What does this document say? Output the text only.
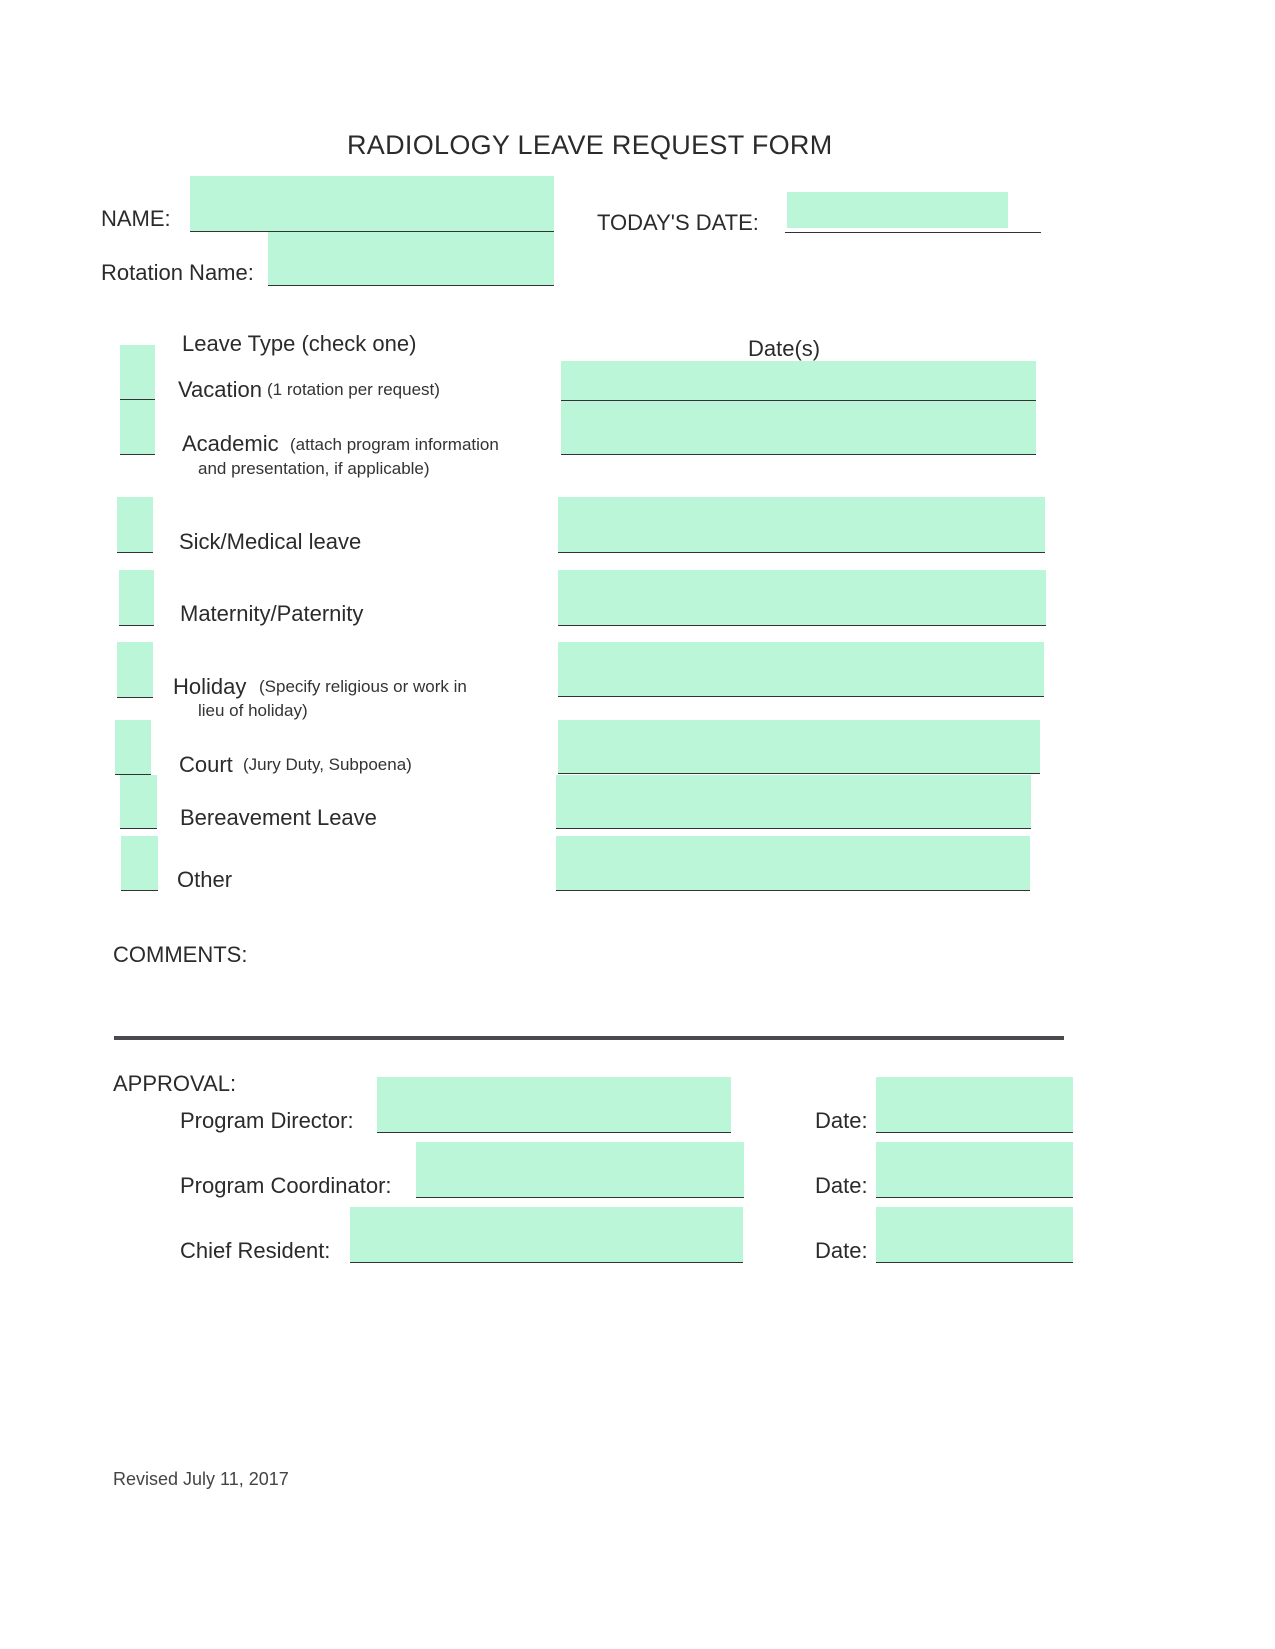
RADIOLOGY LEAVE REQUEST FORM
NAME:	TODAY'S DATE:
Rotation Name:
Leave Type (check one)	Date(s)
Vacation (1 rotation per request)
Academic (attach program information
and presentation, if applicable)
Sick/Medical leave
Maternity/Paternity
Holiday (Specify religious or work in
lieu of holiday)
Court (Jury Duty, Subpoena)
Bereavement Leave
Other
COMMENTS:
APPROVAL:
Program Director:	Date:
Program Coordinator:	Date:
Chief Resident:	Date:
Revised July 11, 2017
